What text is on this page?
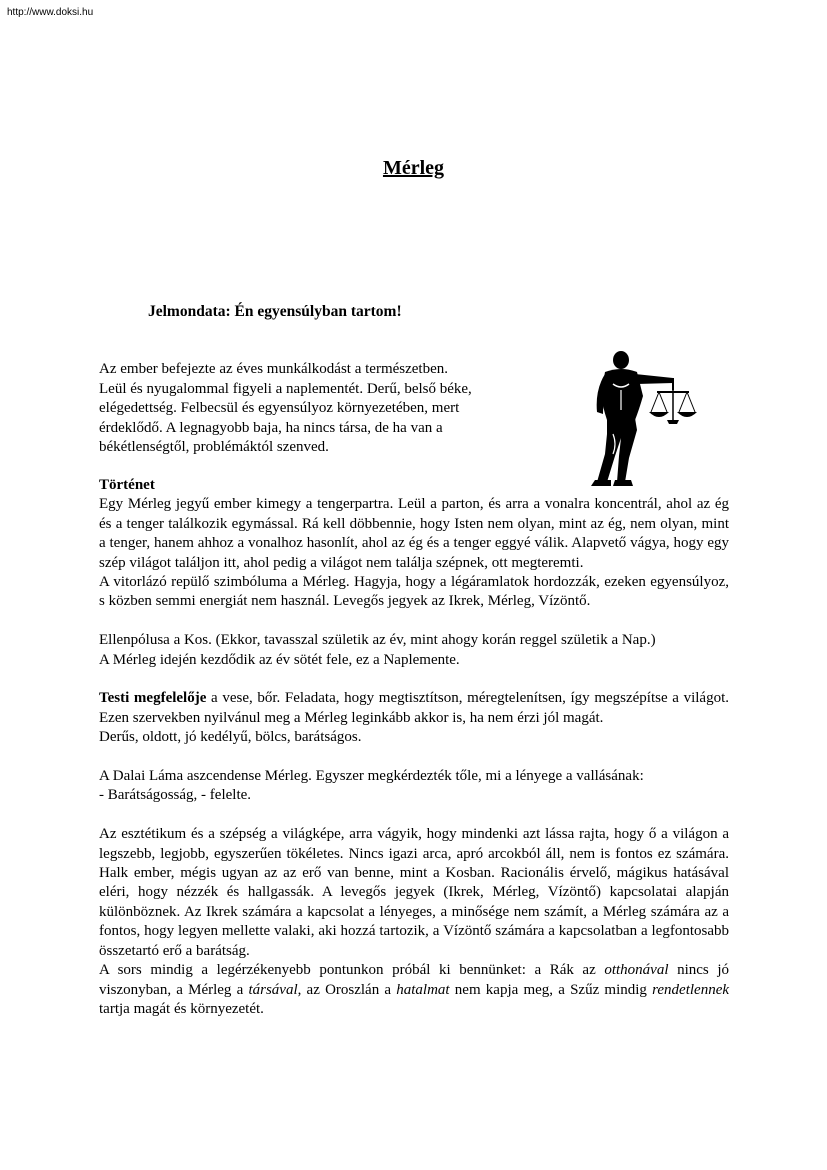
http://www.doksi.hu
Mérleg
Jelmondata: Én egyensúlyban tartom!
Az ember befejezte az éves munkálkodást a természetben.
Leül és nyugalommal figyeli a naplementét. Derű, belső béke,
elégedettség. Felbecsül és egyensúlyoz környezetében, mert
érdeklődő. A legnagyobb baja, ha nincs társa, de ha van a
békétlenségtől, problémáktól szenved.

Történet

Egy Mérleg jegyű ember kimegy a tengerpartra. Leül a parton, és arra a vonalra koncentrál, ahol az ég és a tenger találkozik egymással. Rá kell döbbennie, hogy Isten nem olyan, mint az ég, nem olyan, mint a tenger, hanem ahhoz a vonalhoz hasonlít, ahol az ég és a tenger eggyé válik. Alapvető vágya, hogy egy szép világot találjon itt, ahol pedig a világot nem találja szépnek, ott megteremti.

A vitorlázó repülő szimbóluma a Mérleg. Hagyja, hogy a légáramlatok hordozzák, ezeken egyensúlyoz, s közben semmi energiát nem használ. Levegős jegyek az Ikrek, Mérleg, Vízöntő.

Ellenpólusa a Kos. (Ekkor, tavasszal születik az év, mint ahogy korán reggel születik a Nap.)

A Mérleg idején kezdődik az év sötét fele, ez a Naplemente.

Testi megfelelője a vese, bőr. Feladata, hogy megtisztítson, méregtelenítsen, így megszépítse a világot. Ezen szervekben nyilvánul meg a Mérleg leginkább akkor is, ha nem érzi jól magát.

Derűs, oldott, jó kedélyű, bölcs, barátságos.

A Dalai Láma aszcendense Mérleg. Egyszer megkérdezték tőle, mi a lényege a vallásának:

- Barátságosság, - felelte.

Az esztétikum és a szépség a világképe, arra vágyik, hogy mindenki azt lássa rajta, hogy ő a világon a legszebb, legjobb, egyszerűen tökéletes. Nincs igazi arca, apró arcokból áll, nem is fontos ez számára. Halk ember, mégis ugyan az az erő van benne, mint a Kosban. Racionális érvelő, mágikus hatásával eléri, hogy nézzék és hallgassák. A levegős jegyek (Ikrek, Mérleg, Vízöntő) kapcsolatai alapján különböznek. Az Ikrek számára a kapcsolat a lényeges, a minősége nem számít, a Mérleg számára az a fontos, hogy legyen mellette valaki, aki hozzá tartozik, a Vízöntő számára a kapcsolatban a legfontosabb összetartó erő a barátság.

A sors mindig a legérzékenyebb pontunkon próbál ki bennünket: a Rák az otthonával nincs jó viszonyban, a Mérleg a társával, az Oroszlán a hatalmat nem kapja meg, a Szűz mindig rendetlennek tartja magát és környezetét.
